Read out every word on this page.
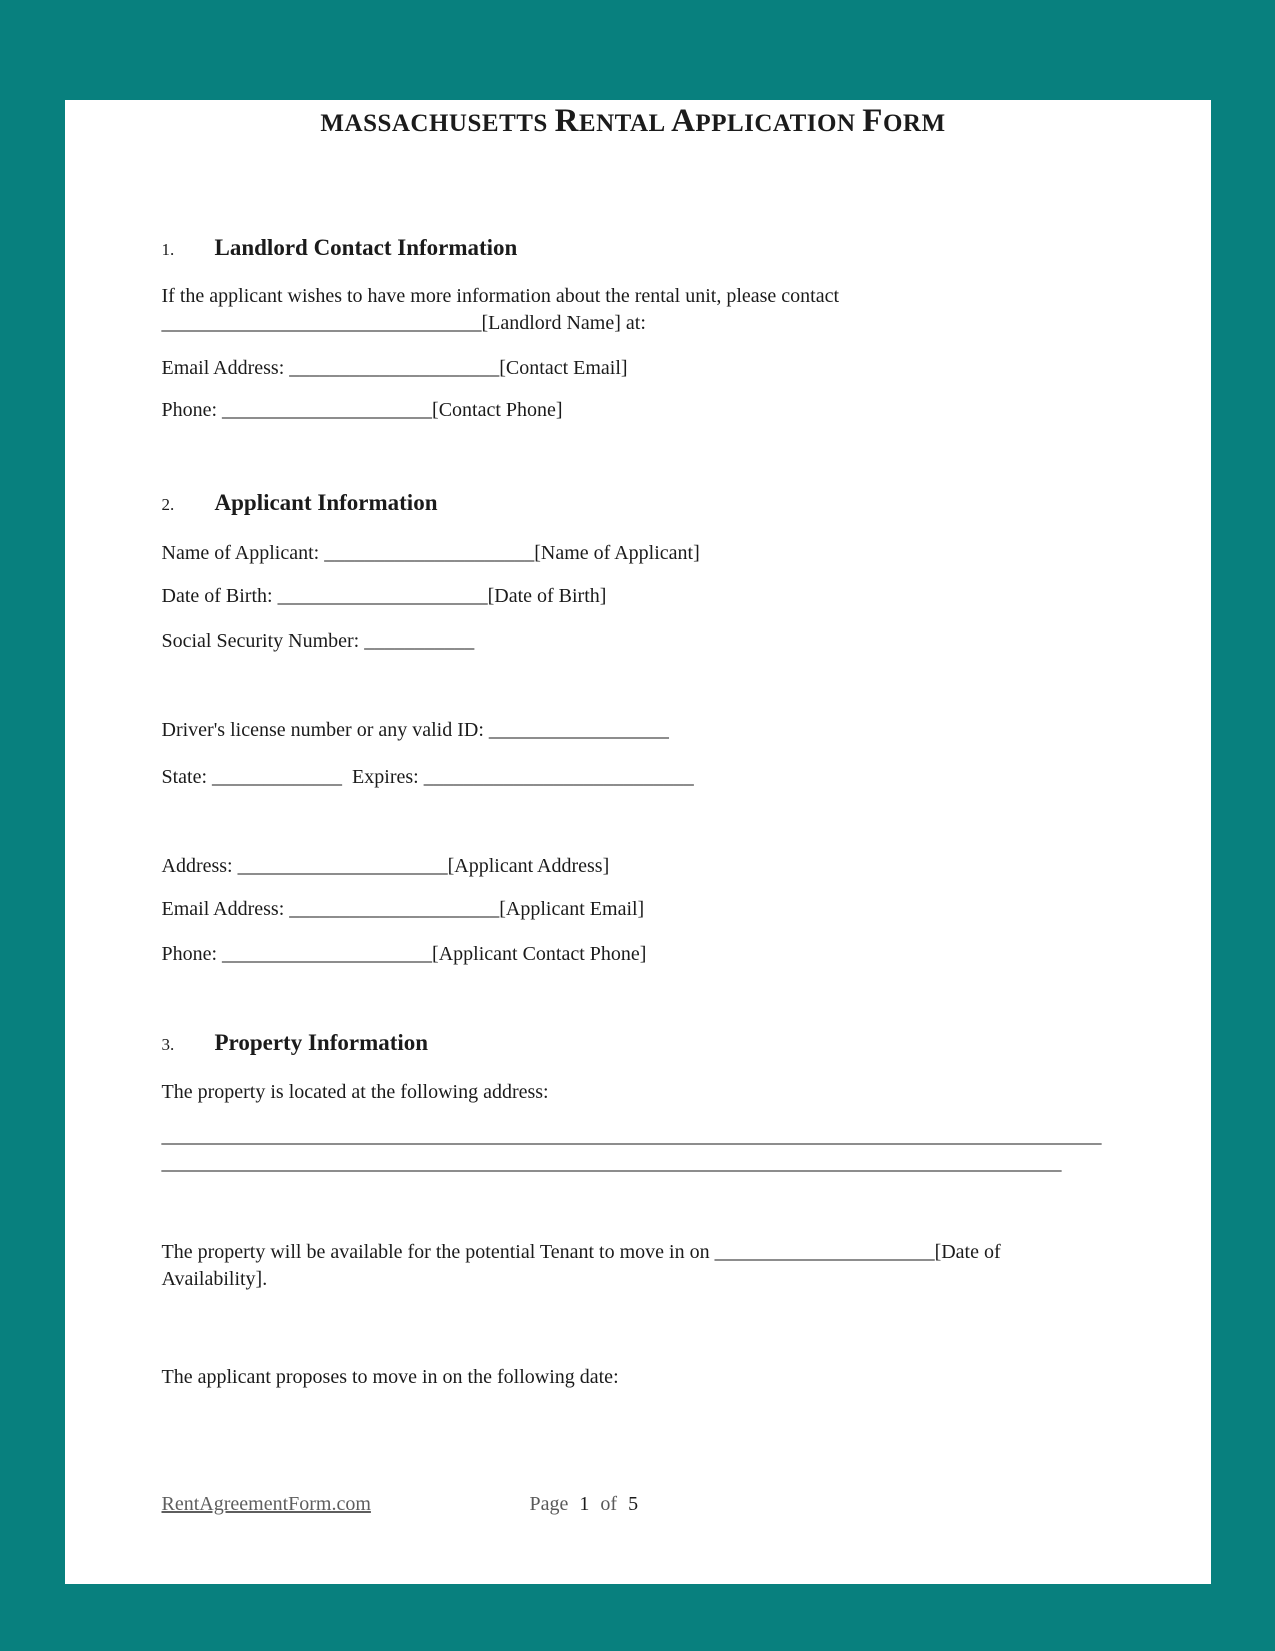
MASSACHUSETTS RENTAL APPLICATION FORM
1. Landlord Contact Information
If the applicant wishes to have more information about the rental unit, please contact
________________________________[Landlord Name] at:
Email Address: _____________________[Contact Email]
Phone: _____________________[Contact Phone]
2. Applicant Information
Name of Applicant: _____________________[Name of Applicant]
Date of Birth: _____________________[Date of Birth]
Social Security Number: ___________
Driver's license number or any valid ID: __________________
State: _____________  Expires: ___________________________
Address: _____________________[Applicant Address]
Email Address: _____________________[Applicant Email]
Phone: _____________________[Applicant Contact Phone]
3. Property Information
The property is located at the following address:
______________________________________________________________________________________________
__________________________________________________________________________________________
The property will be available for the potential Tenant to move in on ______________________[Date of
Availability].
The applicant proposes to move in on the following date:
RentAgreementForm.com	Page 1 of 5
